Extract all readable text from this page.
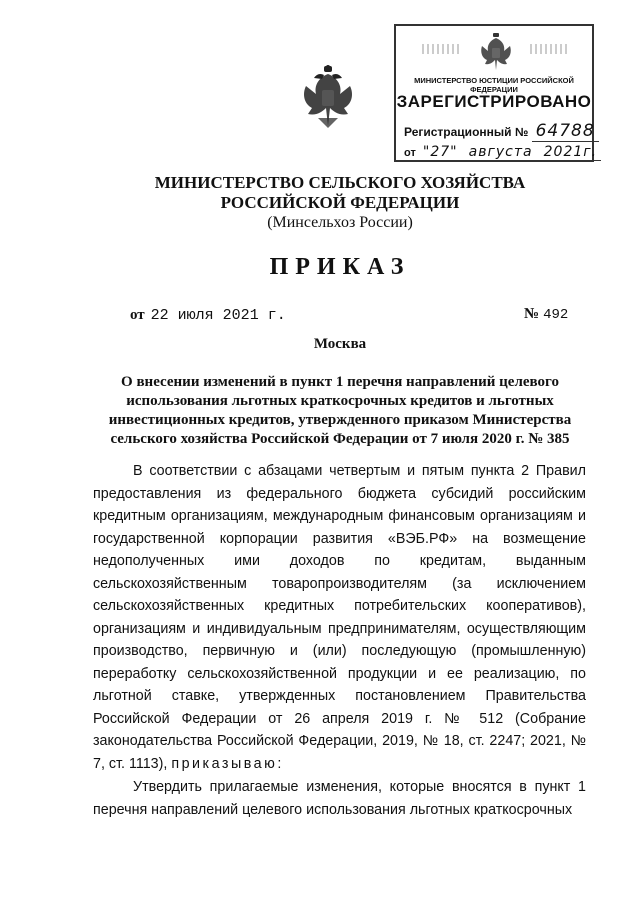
МИНИСТЕРСТВО ЮСТИЦИИ РОССИЙСКОЙ ФЕДЕРАЦИИ
ЗАРЕГИСТРИРОВАНО
Регистрационный № 64788
от "27" августа 2021г.
МИНИСТЕРСТВО СЕЛЬСКОГО ХОЗЯЙСТВА
РОССИЙСКОЙ ФЕДЕРАЦИИ
(Минсельхоз России)
ПРИКАЗ
от 22 июля 2021 г.	№ 492
Москва
О внесении изменений в пункт 1 перечня направлений целевого использования льготных краткосрочных кредитов и льготных инвестиционных кредитов, утвержденного приказом Министерства сельского хозяйства Российской Федерации от 7 июля 2020 г. № 385

В соответствии с абзацами четвертым и пятым пункта 2 Правил предоставления из федерального бюджета субсидий российским кредитным организациям, международным финансовым организациям и государственной корпорации развития «ВЭБ.РФ» на возмещение недополученных ими доходов по кредитам, выданным сельскохозяйственным товаропроизводителям (за исключением сельскохозяйственных кредитных потребительских кооперативов), организациям и индивидуальным предпринимателям, осуществляющим производство, первичную и (или) последующую (промышленную) переработку сельскохозяйственной продукции и ее реализацию, по льготной ставке, утвержденных постановлением Правительства Российской Федерации от 26 апреля 2019 г. № 512 (Собрание законодательства Российской Федерации, 2019, № 18, ст. 2247; 2021, № 7, ст. 1113), приказываю:

Утвердить прилагаемые изменения, которые вносятся в пункт 1 перечня направлений целевого использования льготных краткосрочных
